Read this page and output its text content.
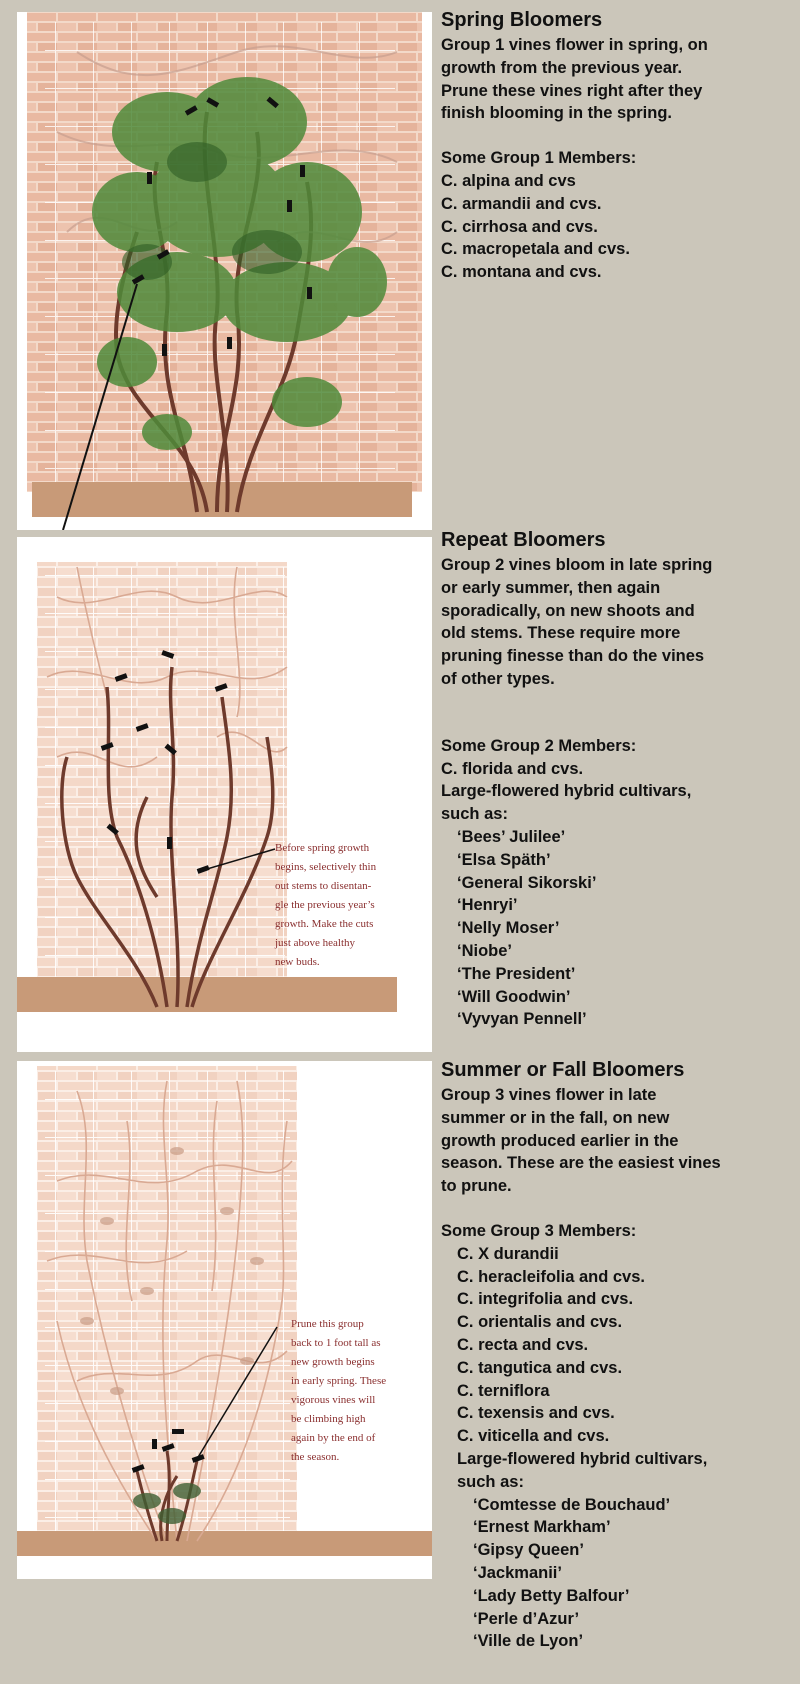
Before spring growth
begins, selectively thin
out stems to disentan-
gle the previous year’s
growth. Make the cuts
just above healthy
new buds.
Prune this group
back to 1 foot tall as
new growth begins
in early spring. These
vigorous vines will
be climbing high
again by the end of
the season.
Spring Bloomers
Group 1 vines flower in spring, on
growth from the previous year.
Prune these vines right after they
finish blooming in the spring.
Some Group 1 Members:
C. alpina and cvs
C. armandii and cvs.
C. cirrhosa and cvs.
C. macropetala and cvs.
C. montana and cvs.
Repeat Bloomers
Group 2 vines bloom in late spring
or early summer, then again
sporadically, on new shoots and
old stems. These require more
pruning finesse than do the vines
of other types.
Some Group 2 Members:
C. florida and cvs.
Large-flowered hybrid cultivars,
such as:
‘Bees’ Julilee’
‘Elsa Späth’
‘General Sikorski’
‘Henryi’
‘Nelly Moser’
‘Niobe’
‘The President’
‘Will Goodwin’
‘Vyvyan Pennell’
Summer or Fall Bloomers
Group 3 vines flower in late
summer or in the fall, on new
growth produced earlier in the
season. These are the easiest vines
to prune.
Some Group 3 Members:
C. X durandii
C. heracleifolia and cvs.
C. integrifolia and cvs.
C. orientalis and cvs.
C. recta and cvs.
C. tangutica and cvs.
C. terniflora
C. texensis and cvs.
C. viticella and cvs.
Large-flowered hybrid cultivars,
such as:
‘Comtesse de Bouchaud’
‘Ernest Markham’
‘Gipsy Queen’
‘Jackmanii’
‘Lady Betty Balfour’
‘Perle d’Azur’
‘Ville de Lyon’
